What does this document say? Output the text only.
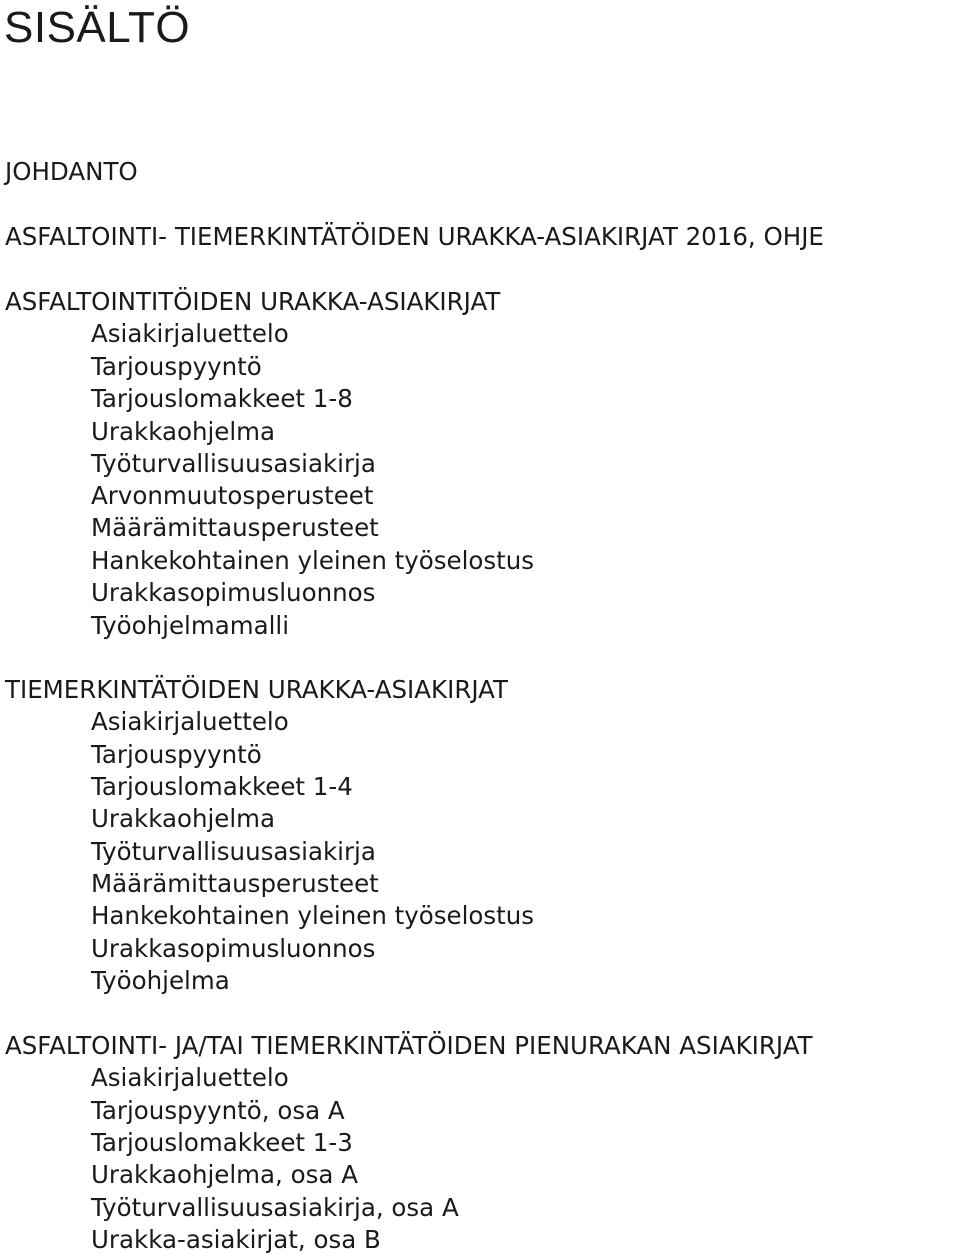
SISÄLTÖ
JOHDANTO
ASFALTOINTI- TIEMERKINTÄTÖIDEN URAKKA-ASIAKIRJAT 2016, OHJE
ASFALTOINTITÖIDEN URAKKA-ASIAKIRJAT
Asiakirjaluettelo
Tarjouspyyntö
Tarjouslomakkeet 1-8
Urakkaohjelma
Työturvallisuusasiakirja
Arvonmuutosperusteet
Määrämittausperusteet
Hankekohtainen yleinen työselostus
Urakkasopimusluonnos
Työohjelmamalli
TIEMERKINTÄTÖIDEN URAKKA-ASIAKIRJAT
Asiakirjaluettelo
Tarjouspyyntö
Tarjouslomakkeet 1-4
Urakkaohjelma
Työturvallisuusasiakirja
Määrämittausperusteet
Hankekohtainen yleinen työselostus
Urakkasopimusluonnos
Työohjelma
ASFALTOINTI- JA/TAI TIEMERKINTÄTÖIDEN PIENURAKAN ASIAKIRJAT
Asiakirjaluettelo
Tarjouspyyntö, osa A
Tarjouslomakkeet 1-3
Urakkaohjelma, osa A
Työturvallisuusasiakirja, osa A
Urakka-asiakirjat, osa B
